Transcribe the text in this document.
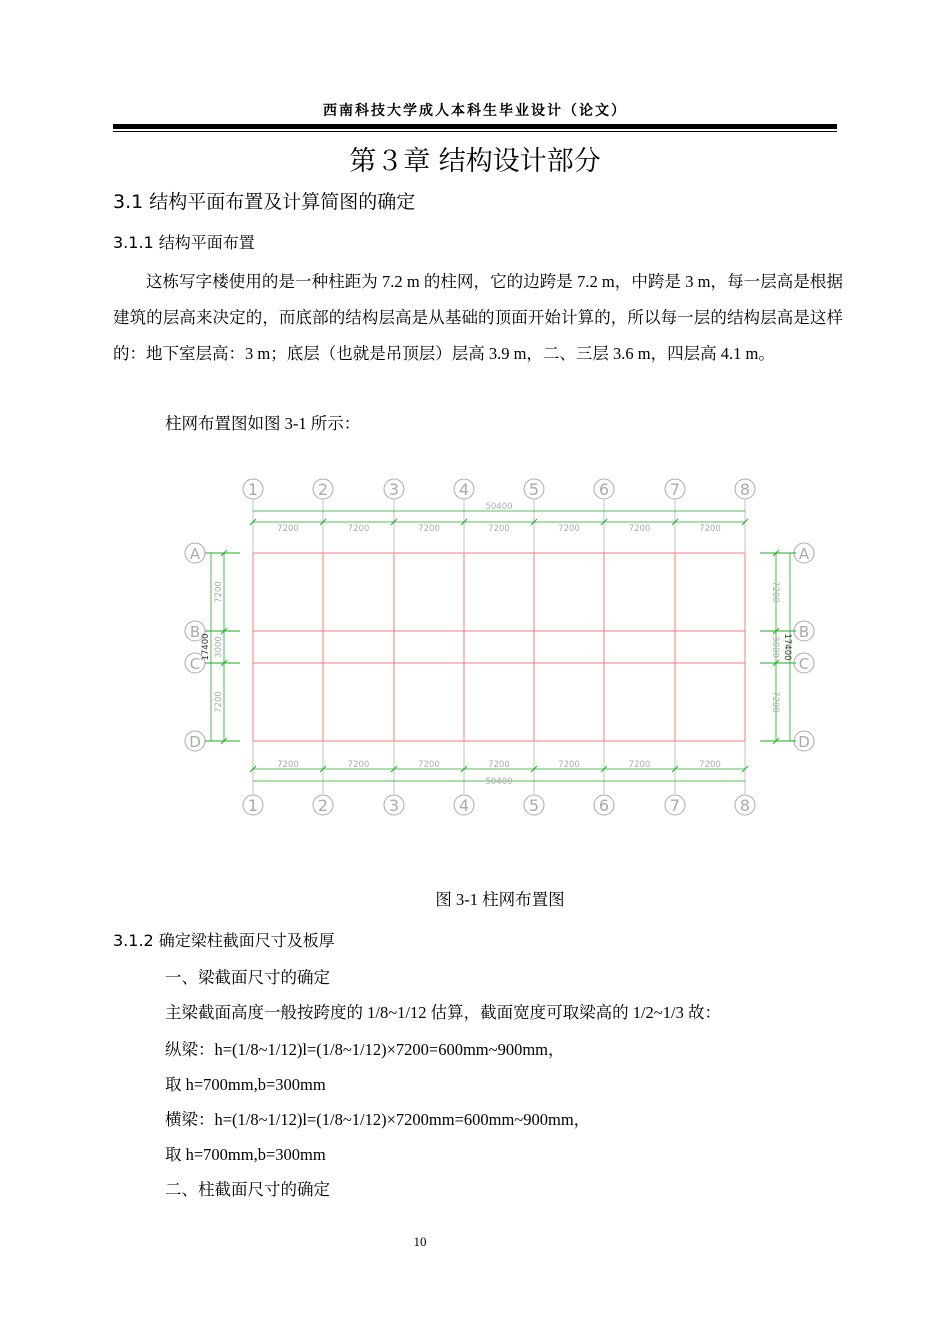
西南科技大学成人本科生毕业设计（论文）
第３章 结构设计部分
3.1 结构平面布置及计算简图的确定
3.1.1 结构平面布置
这栋写字楼使用的是一种柱距为 7.2 m 的柱网，它的边跨是 7.2 m，中跨是 3 m，每一层高是根据建筑的层高来决定的，而底部的结构层高是从基础的顶面开始计算的，所以每一层的结构层高是这样的：地下室层高：3 m；底层（也就是吊顶层）层高 3.9 m，二、三层 3.6 m，四层高 4.1 m。
柱网布置图如图 3-1 所示：
1
1
2
2
3
3
4
4
5
5
6
6
7
7
8
8
A	A
B	B
C	C
D	D
50400
7200	7200	7200	7200	7200	7200	7200
50400
7200	7200	7200	7200	7200	7200	7200
17400
7200
3000
7200
17400
7200
3000
7200
图 3-1 柱网布置图
3.1.2 确定梁柱截面尺寸及板厚
一、梁截面尺寸的确定
主梁截面高度一般按跨度的 1/8~1/12 估算，截面宽度可取梁高的 1/2~1/3 故：
纵梁：h=(1/8~1/12)l=(1/8~1/12)×7200=600mm~900mm，
取 h=700mm,b=300mm
横梁：h=(1/8~1/12)l=(1/8~1/12)×7200mm=600mm~900mm，
取 h=700mm,b=300mm
二、柱截面尺寸的确定
10
